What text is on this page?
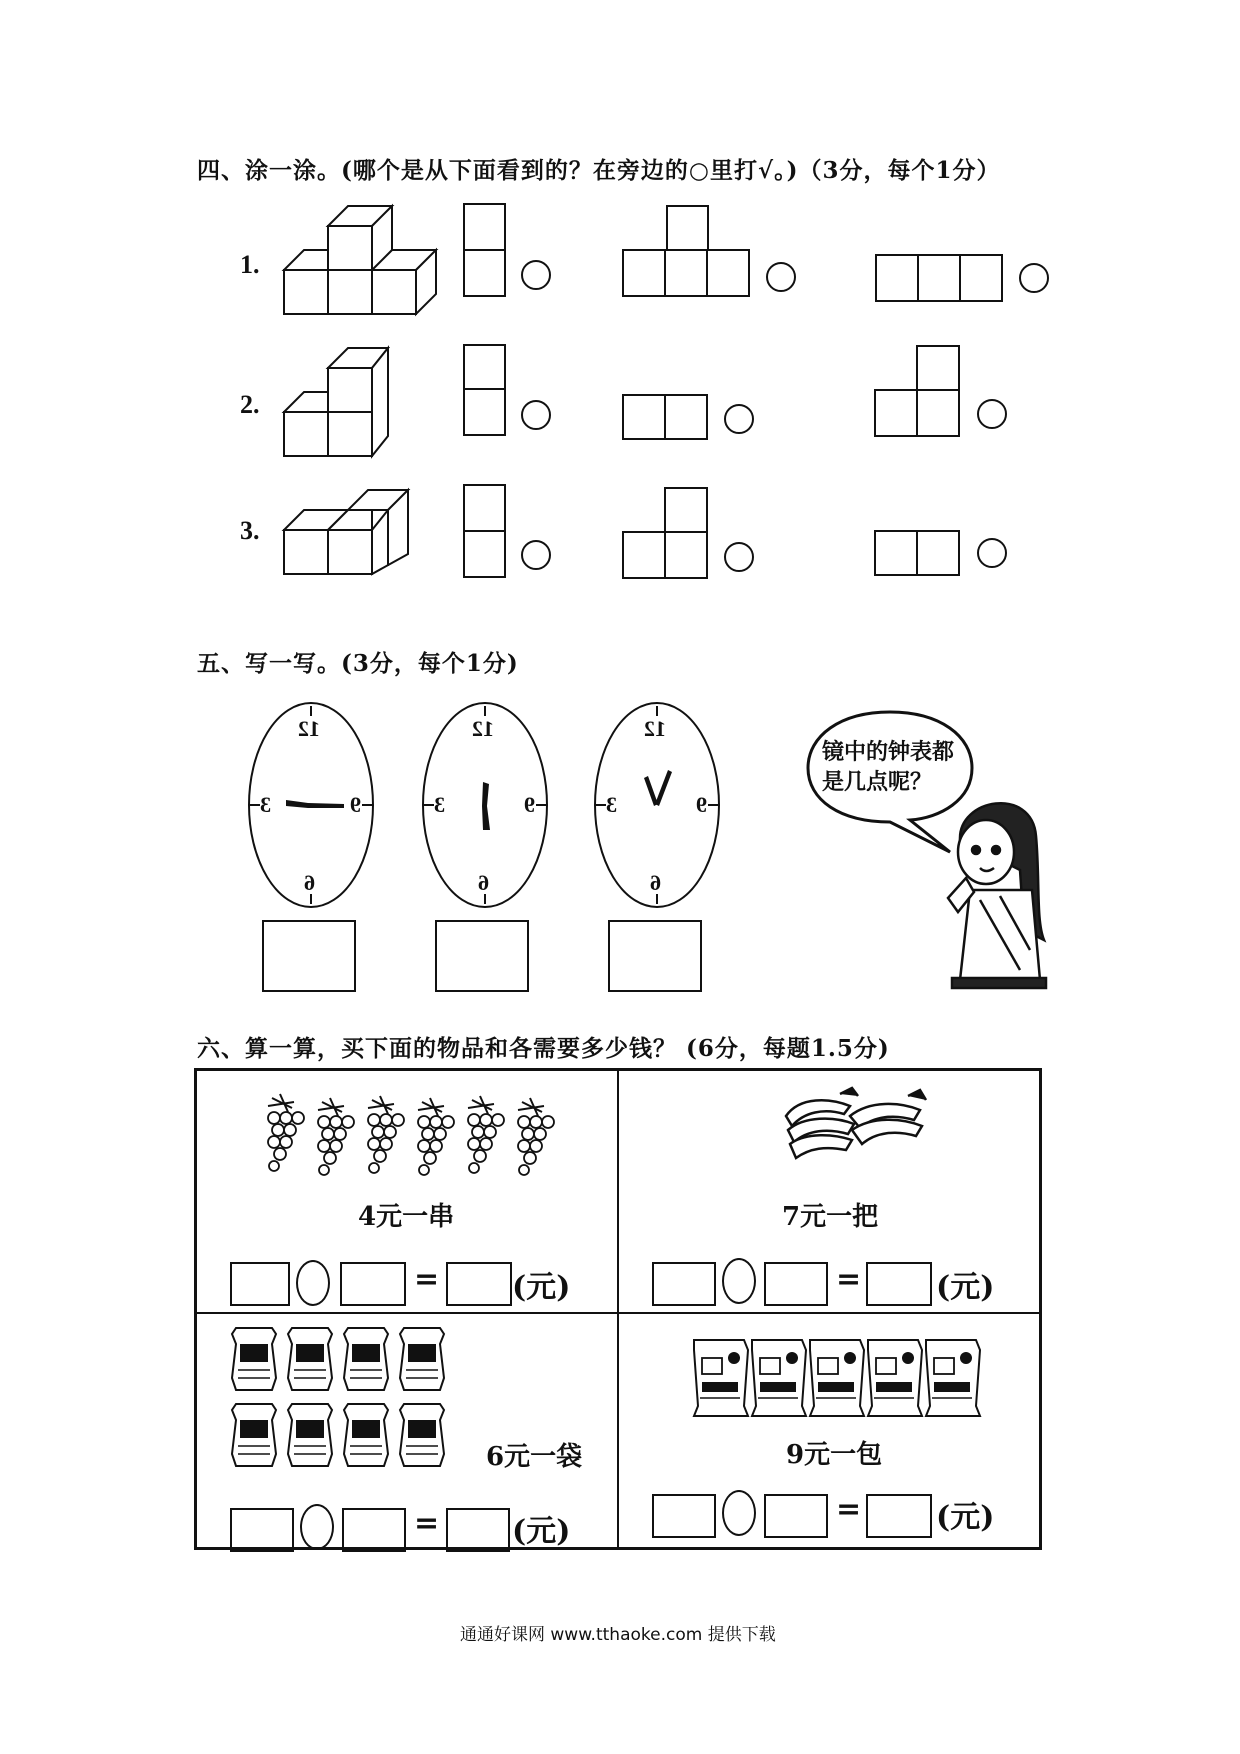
四、涂一涂。(哪个是从下面看到的？在旁边的○里打√。)（3分，每个1分）
1.
2.
3.
五、写一写。(3分，每个1分)
12
3	9
6
12
3	9
6
12
3	9
6
镜中的钟表都
是几点呢？
六、算一算，买下面的物品和各需要多少钱？ (6分，每题1.5分)
4元一串
= (元)
7元一把
= (元)
6元一袋
= (元)
9元一包
= (元)
通通好课网 www.tthaoke.com 提供下载
